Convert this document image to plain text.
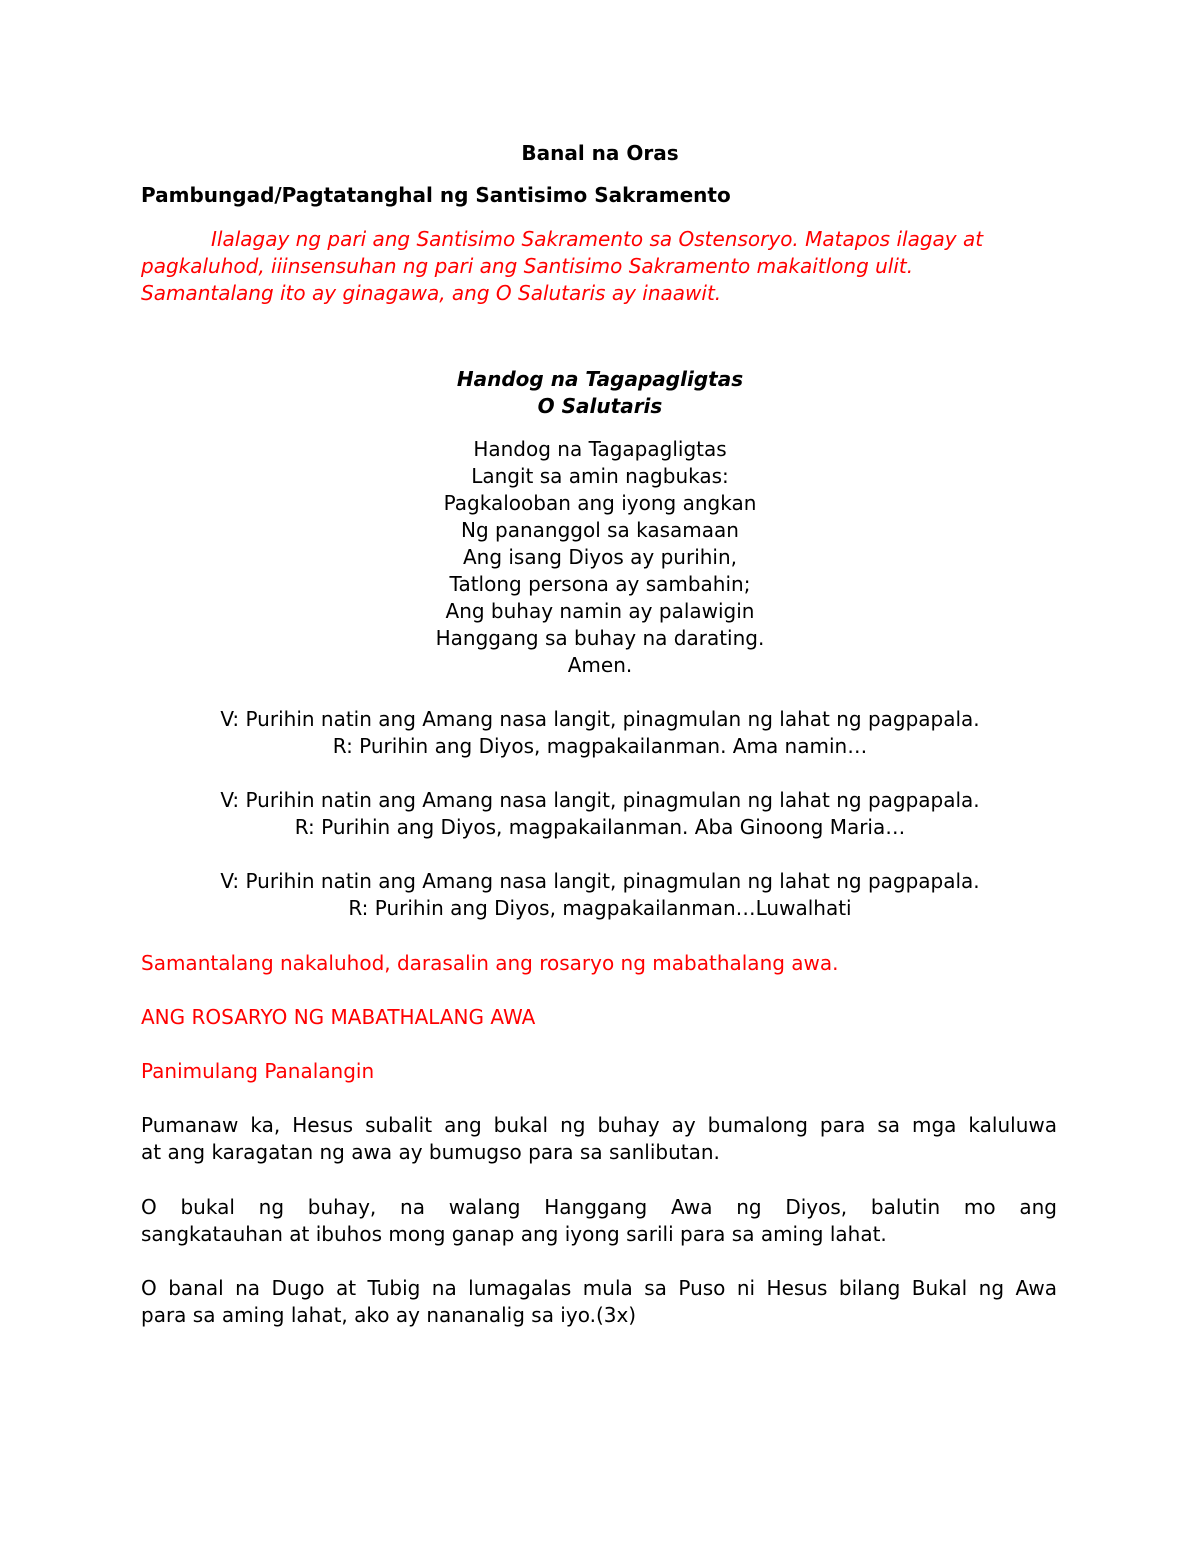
Banal na Oras

Pambungad/Pagtatanghal ng Santisimo Sakramento

Ilalagay ng pari ang Santisimo Sakramento sa Ostensoryo. Matapos ilagay at

pagkaluhod, iiinsensuhan ng pari ang Santisimo Sakramento makaitlong ulit.

Samantalang ito ay ginagawa, ang O Salutaris ay inaawit.

Handog na Tagapagligtas

O Salutaris

Handog na Tagapagligtas

Langit sa amin nagbukas:

Pagkalooban ang iyong angkan

Ng pananggol sa kasamaan

Ang isang Diyos ay purihin,

Tatlong persona ay sambahin;

Ang buhay namin ay palawigin

Hanggang sa buhay na darating.

Amen.

V: Purihin natin ang Amang nasa langit, pinagmulan ng lahat ng pagpapala.

R: Purihin ang Diyos, magpakailanman. Ama namin…

V: Purihin natin ang Amang nasa langit, pinagmulan ng lahat ng pagpapala.

R: Purihin ang Diyos, magpakailanman. Aba Ginoong Maria…

V: Purihin natin ang Amang nasa langit, pinagmulan ng lahat ng pagpapala.

R: Purihin ang Diyos, magpakailanman…Luwalhati

Samantalang nakaluhod, darasalin ang rosaryo ng mabathalang awa.

ANG ROSARYO NG MABATHALANG AWA

Panimulang Panalangin

Pumanaw ka, Hesus subalit ang bukal ng buhay ay bumalong para sa mga kaluluwa
at ang karagatan ng awa ay bumugso para sa sanlibutan.
O bukal ng buhay, na walang Hanggang Awa ng Diyos, balutin mo ang
sangkatauhan at ibuhos mong ganap ang iyong sarili para sa aming lahat.
O banal na Dugo at Tubig na lumagalas mula sa Puso ni Hesus bilang Bukal ng Awa
para sa aming lahat, ako ay nananalig sa iyo.(3x)
